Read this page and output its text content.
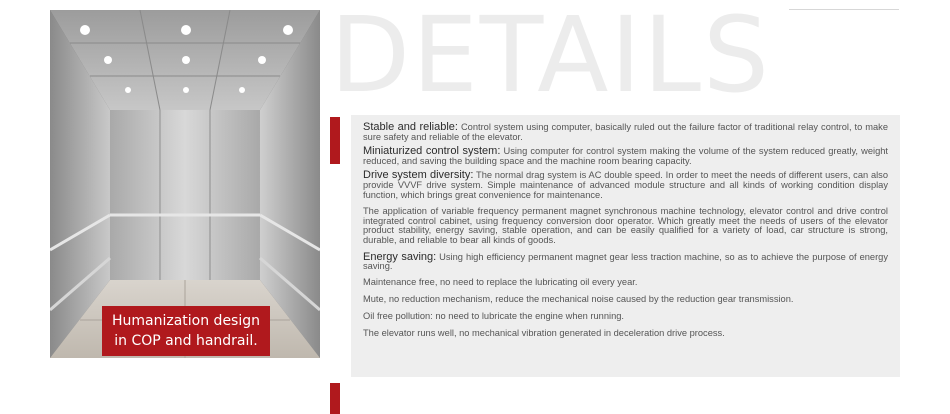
Humanization design
in COP and handrail.
DETAILS

Stable and reliable: Control system using computer, basically ruled out the failure factor of traditional relay control, to make sure safety and reliable of the elevator.

Miniaturized control system: Using computer for control system making the volume of the system reduced greatly, weight reduced, and saving the building space and the machine room bearing capacity.

Drive system diversity: The normal drag system is AC double speed. In order to meet the needs of different users, can also provide VVVF drive system. Simple maintenance of advanced module structure and all kinds of working condition display function, which brings great convenience for maintenance.

The application of variable frequency permanent magnet synchronous machine technology, elevator control and drive control integrated control cabinet, using frequency conversion door operator. Which greatly meet the needs of users of the elevator product stability, energy saving, stable operation, and can be easily qualified for a variety of load, car structure is strong, durable, and reliable to bear all kinds of goods.

Energy saving: Using high efficiency permanent magnet gear less traction machine, so as to achieve the purpose of energy saving.

Maintenance free, no need to replace the lubricating oil every year.

Mute, no reduction mechanism, reduce the mechanical noise caused by the reduction gear transmission.

Oil free pollution: no need to lubricate the engine when running.

The elevator runs well, no mechanical vibration generated in deceleration drive process.
